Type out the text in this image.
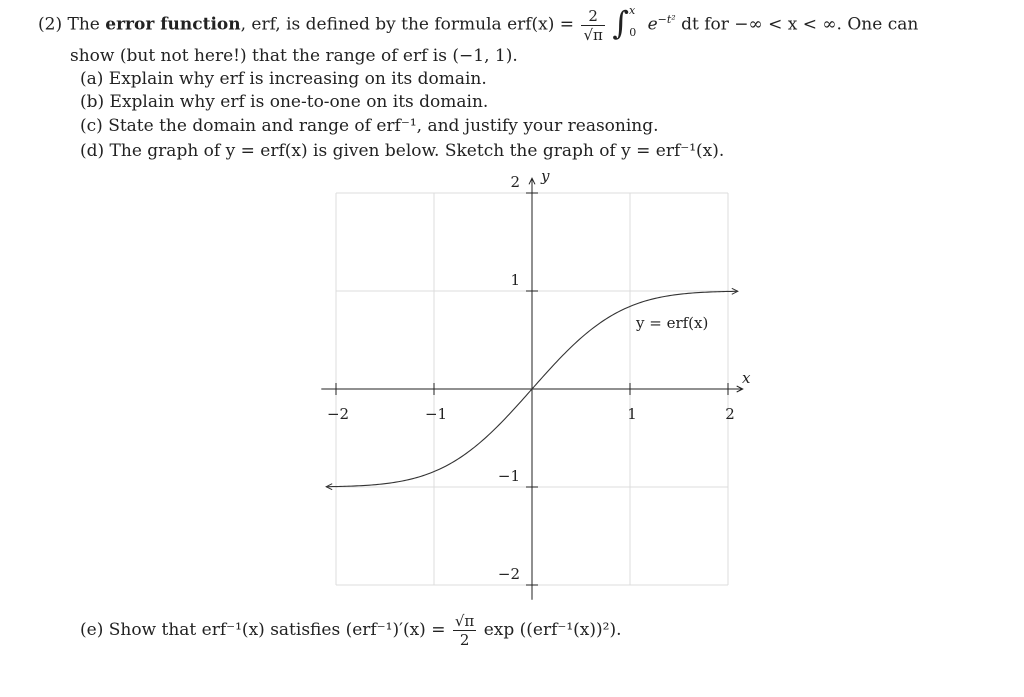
(2) The error function, erf, is defined by the formula $erf(x) = \frac{2}{√\pi} \int x0$ $e^{-t^2}$ dt for −∞ < x < ∞. One can
show (but not here!) that the range of erf is (−1, 1).
(a) Explain why erf is increasing on its domain.
(b) Explain why erf is one-to-one on its domain.
(c) State the domain and range of erf⁻¹, and justify your reasoning.
(d) The graph of y = erf(x) is given below. Sketch the graph of y = erf⁻¹(x).
−2	−1	1	2
2
1
−1
−2
x
y
y = erf(x)
(e) Show that erf⁻¹(x) satisfies $(erf^{-1})'(x) = \frac{√\pi}{2}$ exp ((erf⁻¹(x))²).
